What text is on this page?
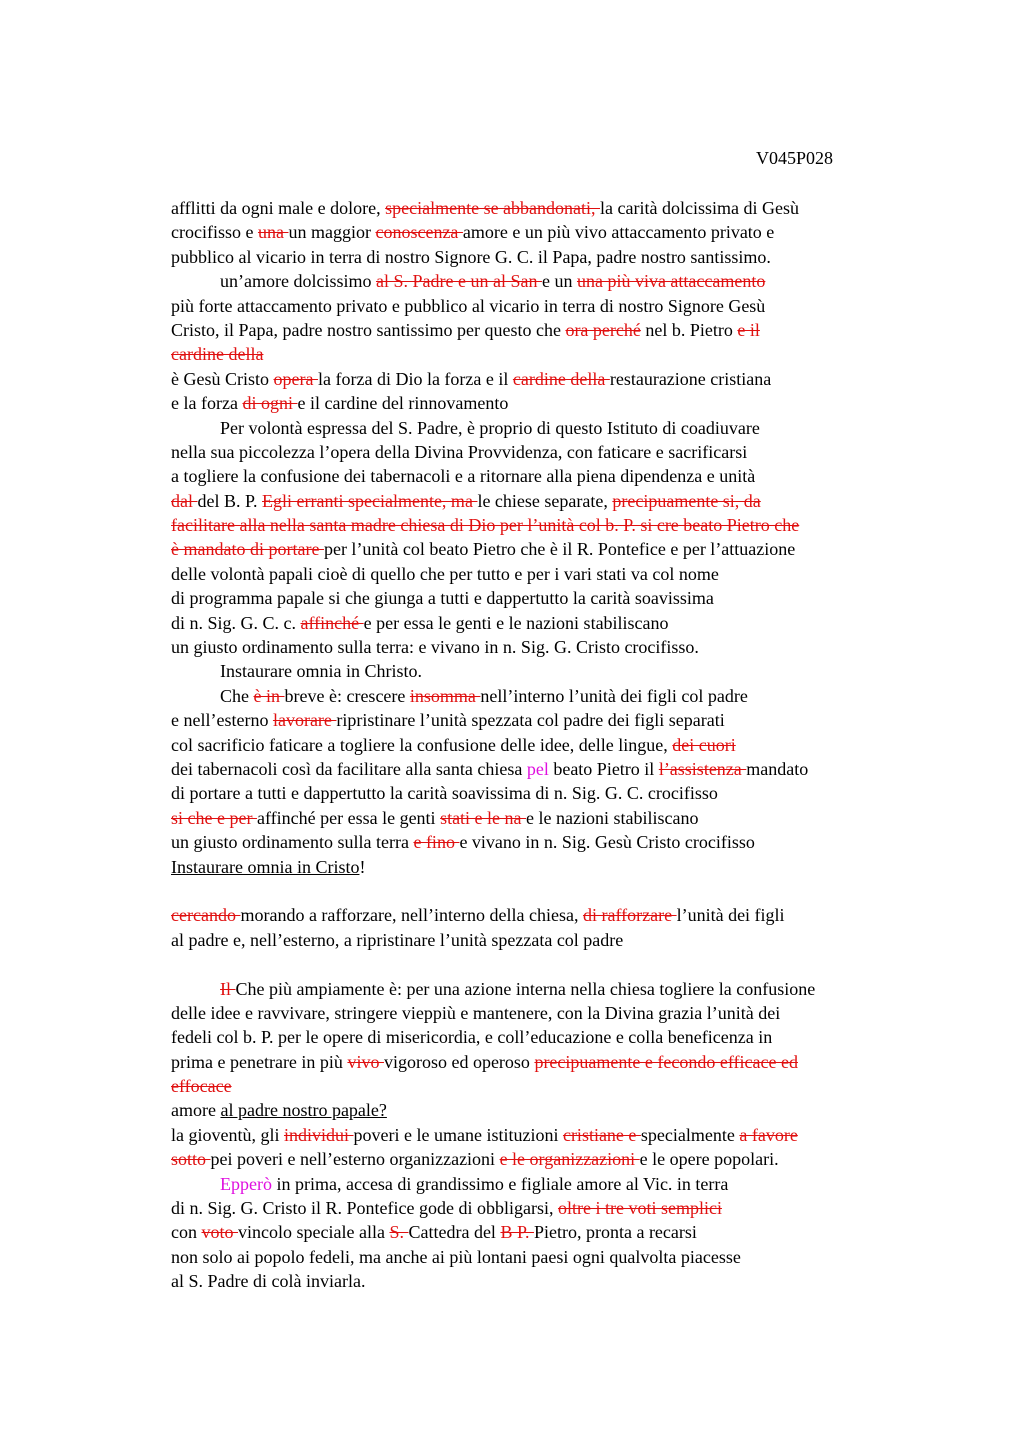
V045P028
afflitti da ogni male e dolore, specialmente se abbandonati, la carità dolcissima di Gesù
crocifisso e una un maggior conoscenza amore e un più vivo attaccamento privato e
pubblico al vicario in terra di nostro Signore G. C. il Papa, padre nostro santissimo.
un’amore dolcissimo al S. Padre e un al San e un una più viva attaccamento
più forte attaccamento privato e pubblico al vicario in terra di nostro Signore Gesù
Cristo, il Papa, padre nostro santissimo per questo che ora perché nel b. Pietro e il
cardine della
è Gesù Cristo opera la forza di Dio la forza e il cardine della restaurazione cristiana
e la forza di ogni e il cardine del rinnovamento
Per volontà espressa del S. Padre, è proprio di questo Istituto di coadiuvare
nella sua piccolezza l’opera della Divina Provvidenza, con faticare e sacrificarsi
a togliere la confusione dei tabernacoli e a ritornare alla piena dipendenza e unità
dal del B. P. Egli erranti specialmente, ma le chiese separate, precipuamente si, da
facilitare alla nella santa madre chiesa di Dio per l’unità col b. P. si cre beato Pietro che
è mandato di portare per l’unità col beato Pietro che è il R. Pontefice e per l’attuazione
delle volontà papali cioè di quello che per tutto e per i vari stati va col nome
di programma papale si che giunga a tutti e dappertutto la carità soavissima
di n. Sig. G. C. c. affinché e per essa le genti e le nazioni stabiliscano
un giusto ordinamento sulla terra: e vivano in n. Sig. G. Cristo crocifisso.
Instaurare omnia in Christo.
Che è in breve è: crescere insomma nell’interno l’unità dei figli col padre
e nell’esterno lavorare ripristinare l’unità spezzata col padre dei figli separati
col sacrificio faticare a togliere la confusione delle idee, delle lingue, dei cuori
dei tabernacoli così da facilitare alla santa chiesa pel beato Pietro il l’assistenza mandato
di portare a tutti e dappertutto la carità soavissima di n. Sig. G. C. crocifisso
si che e per affinché per essa le genti stati e le na e le nazioni stabiliscano
un giusto ordinamento sulla terra e fino e vivano in n. Sig. Gesù Cristo crocifisso
Instaurare omnia in Cristo!
cercando morando a rafforzare, nell’interno della chiesa, di rafforzare l’unità dei figli
al padre e, nell’esterno, a ripristinare l’unità spezzata col padre
Il Che più ampiamente è: per una azione interna nella chiesa togliere la confusione
delle idee e ravvivare, stringere vieppiù e mantenere, con la Divina grazia l’unità dei
fedeli col b. P. per le opere di misericordia, e coll’educazione e colla beneficenza in
prima e penetrare in più vivo vigoroso ed operoso precipuamente e fecondo efficace ed
effocace
amore al padre nostro papale?
la gioventù, gli individui poveri e le umane istituzioni cristiane e specialmente a favore
sotto pei poveri e nell’esterno organizzazioni e le organizzazioni e le opere popolari.
Epperò in prima, accesa di grandissimo e figliale amore al Vic. in terra
di n. Sig. G. Cristo il R. Pontefice gode di obbligarsi, oltre i tre voti semplici
con voto vincolo speciale alla S. Cattedra del B P. Pietro, pronta a recarsi
non solo ai popolo fedeli, ma anche ai più lontani paesi ogni qualvolta piacesse
al S. Padre di colà inviarla.
